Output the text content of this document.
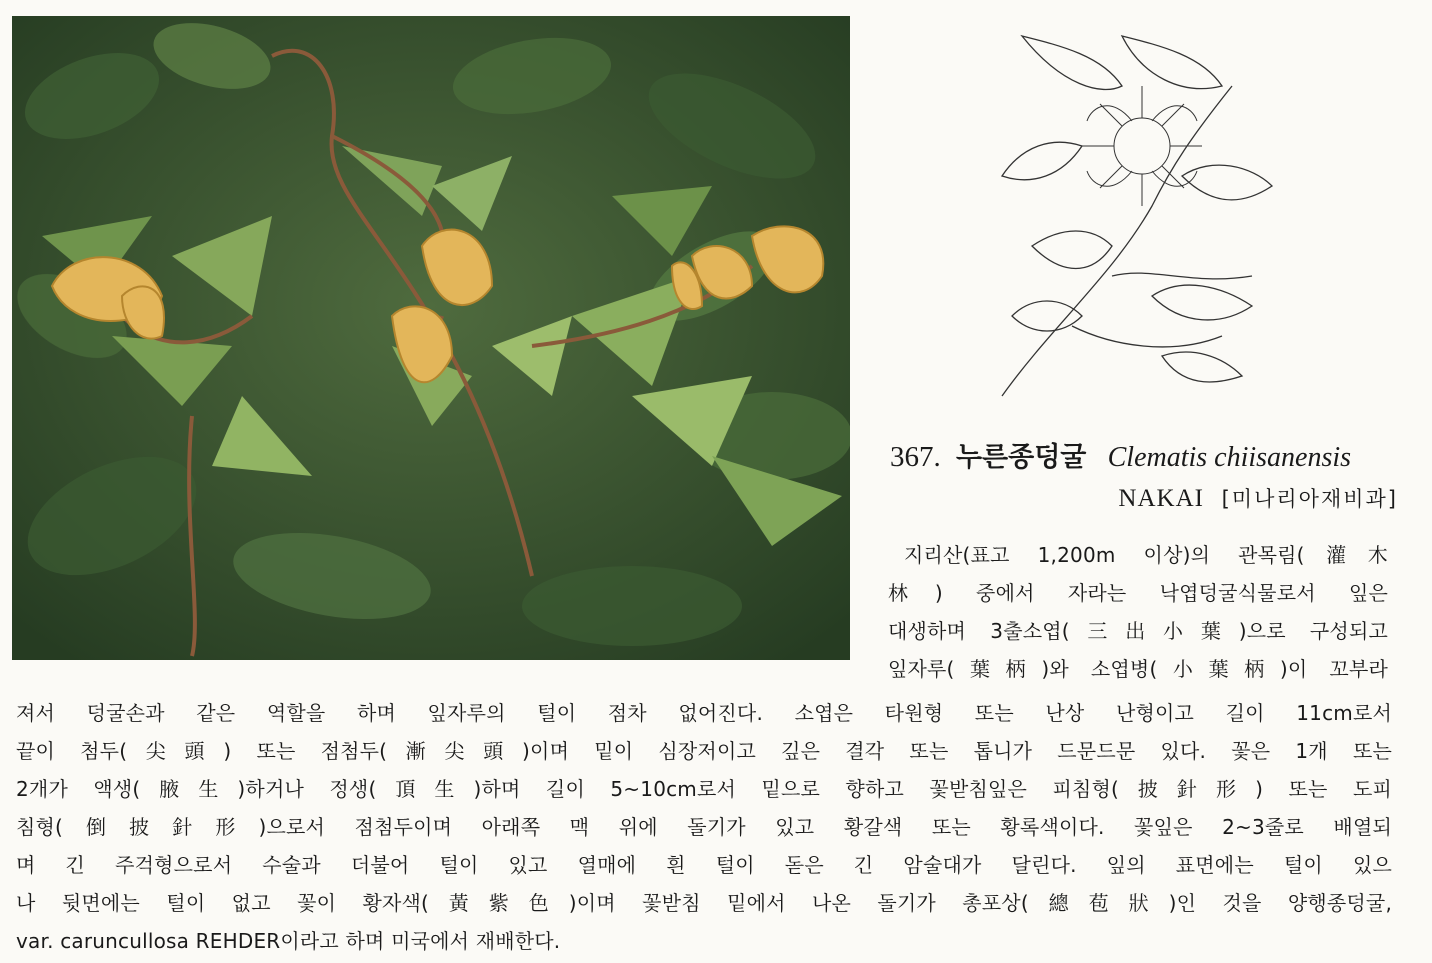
367. 누른종덩굴 Clematis chiisanensis
NAKAI [미나리아재비과]
지리산(표고 1,200m 이상)의 관목림(灌木
林) 중에서 자라는 낙엽덩굴식물로서 잎은
대생하며 3출소엽(三出小葉)으로 구성되고
잎자루(葉柄)와 소엽병(小葉柄)이 꼬부라
져서 덩굴손과 같은 역할을 하며 잎자루의 털이 점차 없어진다. 소엽은 타원형 또는 난상 난형이고 길이 11cm로서
끝이 첨두(尖頭) 또는 점첨두(漸尖頭)이며 밑이 심장저이고 깊은 결각 또는 톱니가 드문드문 있다. 꽃은 1개 또는
2개가 액생(腋生)하거나 정생(頂生)하며 길이 5~10cm로서 밑으로 향하고 꽃받침잎은 피침형(披針形) 또는 도피
침형(倒披針形)으로서 점첨두이며 아래쪽 맥 위에 돌기가 있고 황갈색 또는 황록색이다. 꽃잎은 2~3줄로 배열되
며 긴 주걱형으로서 수술과 더불어 털이 있고 열매에 흰 털이 돋은 긴 암술대가 달린다. 잎의 표면에는 털이 있으
나 뒷면에는 털이 없고 꽃이 황자색(黃紫色)이며 꽃받침 밑에서 나온 돌기가 총포상(總苞狀)인 것을 양행종덩굴,
var. caruncullosa REHDER이라고 하며 미국에서 재배한다.
